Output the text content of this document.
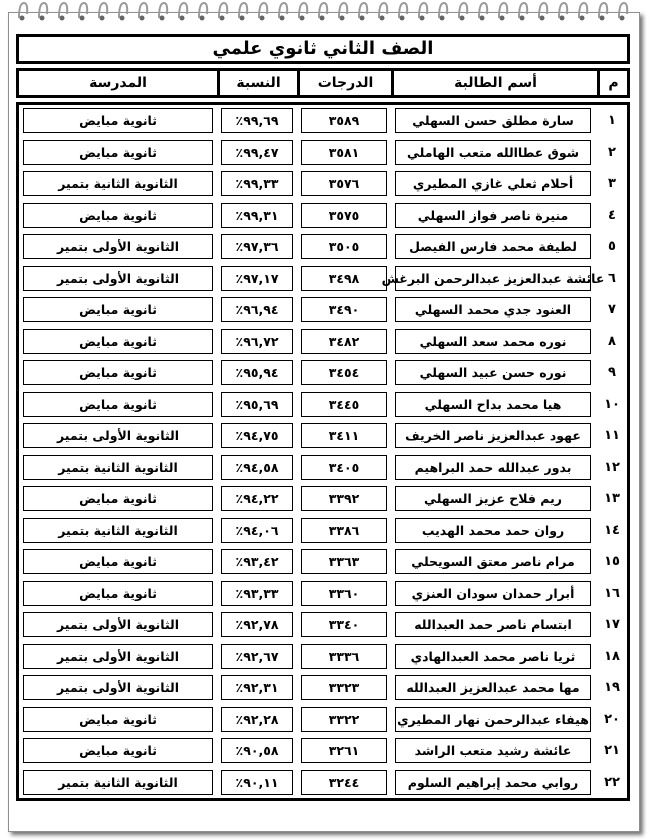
الصف الثاني ثانوي علمي
م
أسم الطالبة
الدرجات
النسبة
المدرسة
١
سارة مطلق حسن السهلي
٣٥٨٩
٩٩,٦٩٪
ثانوية مبايض
٢
شوق عطاالله متعب الهاملي
٣٥٨١
٩٩,٤٧٪
ثانوية مبايض
٣
أحلام ثعلي غازي المطيري
٣٥٧٦
٩٩,٣٣٪
الثانوية الثانية بتمير
٤
منيرة ناصر فواز السهلي
٣٥٧٥
٩٩,٣١٪
ثانوية مبايض
٥
لطيفة محمد فارس الفيصل
٣٥٠٥
٩٧,٣٦٪
الثانوية الأولى بتمير
٦
عائشة عبدالعزيز عبدالرحمن البرغش
٣٤٩٨
٩٧,١٧٪
الثانوية الأولى بتمير
٧
العنود جدي محمد السهلي
٣٤٩٠
٩٦,٩٤٪
ثانوية مبايض
٨
نوره محمد سعد السهلي
٣٤٨٢
٩٦,٧٢٪
ثانوية مبايض
٩
نوره حسن عبيد السهلي
٣٤٥٤
٩٥,٩٤٪
ثانوية مبايض
١٠
هيا محمد بداح السهلي
٣٤٤٥
٩٥,٦٩٪
ثانوية مبايض
١١
عهود عبدالعزيز ناصر الخريف
٣٤١١
٩٤,٧٥٪
الثانوية الأولى بتمير
١٢
بدور عبدالله حمد البراهيم
٣٤٠٥
٩٤,٥٨٪
الثانوية الثانية بتمير
١٣
ريم فلاح عزيز السهلي
٣٣٩٢
٩٤,٢٢٪
ثانوية مبايض
١٤
روان حمد محمد الهديب
٣٣٨٦
٩٤,٠٦٪
الثانوية الثانية بتمير
١٥
مرام ناصر معتق السويحلي
٣٣٦٣
٩٣,٤٢٪
ثانوية مبايض
١٦
أبرار حمدان سودان العنزي
٣٣٦٠
٩٣,٣٣٪
ثانوية مبايض
١٧
ابتسام ناصر حمد العبدالله
٣٣٤٠
٩٢,٧٨٪
الثانوية الأولى بتمير
١٨
ثريا ناصر محمد العبدالهادي
٣٣٣٦
٩٢,٦٧٪
الثانوية الأولى بتمير
١٩
مها محمد عبدالعزيز العبدالله
٣٣٢٣
٩٢,٣١٪
الثانوية الأولى بتمير
٢٠
هيفاء عبدالرحمن نهار المطيري
٣٣٢٢
٩٢,٢٨٪
ثانوية مبايض
٢١
عائشة رشيد متعب الراشد
٣٢٦١
٩٠,٥٨٪
ثانوية مبايض
٢٢
روابي محمد إبراهيم السلوم
٣٢٤٤
٩٠,١١٪
الثانوية الثانية بتمير
